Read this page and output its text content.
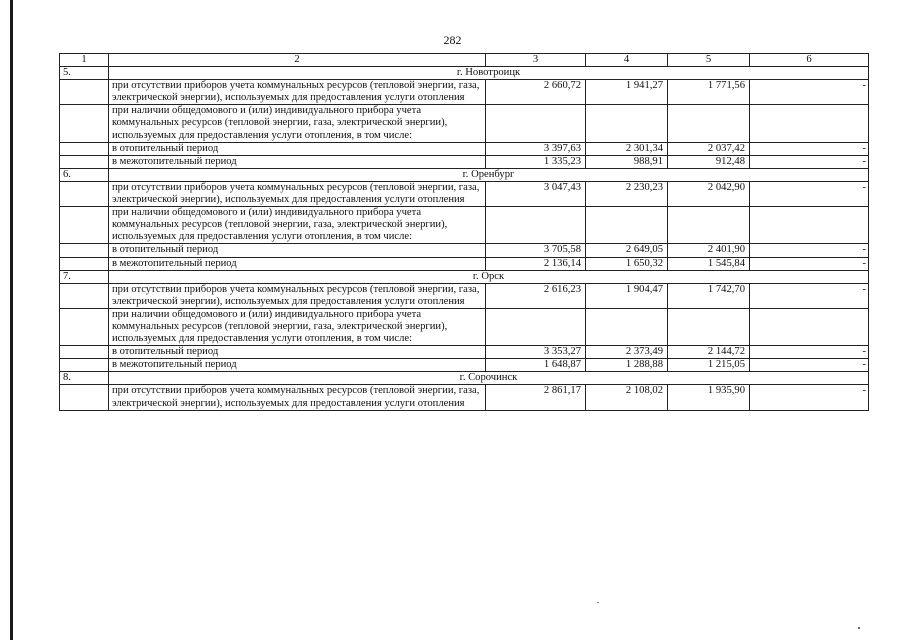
282
1	2	3	4	5	6
5.	г. Новотроицк				
	при отсутствии приборов учета коммунальных ресурсов (тепловой энергии, газа, электрической энергии), используемых для предоставления услуги отопления	2 660,72	1 941,27	1 771,56	-
	при наличии общедомового и (или) индивидуального прибора учета коммунальных ресурсов (тепловой энергии, газа, электрической энергии), используемых для предоставления услуги отопления, в том числе:				
	в отопительный период	3 397,63	2 301,34	2 037,42	-
	в межотопительный период	1 335,23	988,91	912,48	-
6.	г. Оренбург				
	при отсутствии приборов учета коммунальных ресурсов (тепловой энергии, газа, электрической энергии), используемых для предоставления услуги отопления	3 047,43	2 230,23	2 042,90	-
	при наличии общедомового и (или) индивидуального прибора учета коммунальных ресурсов (тепловой энергии, газа, электрической энергии), используемых для предоставления услуги отопления, в том числе:				
	в отопительный период	3 705,58	2 649,05	2 401,90	-
	в межотопительный период	2 136,14	1 650,32	1 545,84	-
7.	г. Орск				
	при отсутствии приборов учета коммунальных ресурсов (тепловой энергии, газа, электрической энергии), используемых для предоставления услуги отопления	2 616,23	1 904,47	1 742,70	-
	при наличии общедомового и (или) индивидуального прибора учета коммунальных ресурсов (тепловой энергии, газа, электрической энергии), используемых для предоставления услуги отопления, в том числе:				
	в отопительный период	3 353,27	2 373,49	2 144,72	-
	в межотопительный период	1 648,87	1 288,88	1 215,05	-
8.	г. Сорочинск				
	при отсутствии приборов учета коммунальных ресурсов (тепловой энергии, газа, электрической энергии), используемых для предоставления услуги отопления	2 861,17	2 108,02	1 935,90	-
